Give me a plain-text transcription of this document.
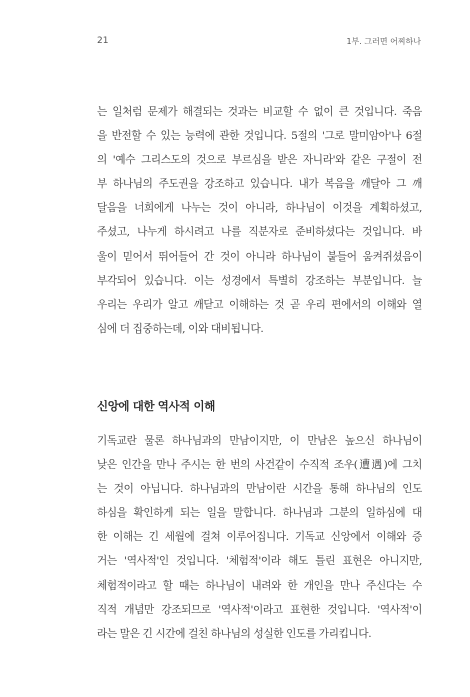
21	1부. 그러면 어찌하나
는 일처럼 문제가 해결되는 것과는 비교할 수 없이 큰 것입니다. 죽음
을 반전할 수 있는 능력에 관한 것입니다. 5절의 '그로 말미암아'나 6절
의 '예수 그리스도의 것으로 부르심을 받은 자니라'와 같은 구절이 전
부 하나님의 주도권을 강조하고 있습니다. 내가 복음을 깨달아 그 깨
달음을 너희에게 나누는 것이 아니라, 하나님이 이것을 계획하셨고,
주셨고, 나누게 하시려고 나를 직분자로 준비하셨다는 것입니다. 바
울이 믿어서 뛰어들어 간 것이 아니라 하나님이 붙들어 움켜쥐셨음이
부각되어 있습니다. 이는 성경에서 특별히 강조하는 부분입니다. 늘
우리는 우리가 알고 깨닫고 이해하는 것 곧 우리 편에서의 이해와 열
심에 더 집중하는데, 이와 대비됩니다.
신앙에 대한 역사적 이해
기독교란 물론 하나님과의 만남이지만, 이 만남은 높으신 하나님이
낮은 인간을 만나 주시는 한 번의 사건같이 수직적 조우(遭遇)에 그치
는 것이 아닙니다. 하나님과의 만남이란 시간을 통해 하나님의 인도
하심을 확인하게 되는 일을 말합니다. 하나님과 그분의 일하심에 대
한 이해는 긴 세월에 걸쳐 이루어집니다. 기독교 신앙에서 이해와 증
거는 '역사적'인 것입니다. '체험적'이라 해도 틀린 표현은 아니지만,
체험적이라고 할 때는 하나님이 내려와 한 개인을 만나 주신다는 수
직적 개념만 강조되므로 '역사적'이라고 표현한 것입니다. '역사적'이
라는 말은 긴 시간에 걸친 하나님의 성실한 인도를 가리킵니다.
